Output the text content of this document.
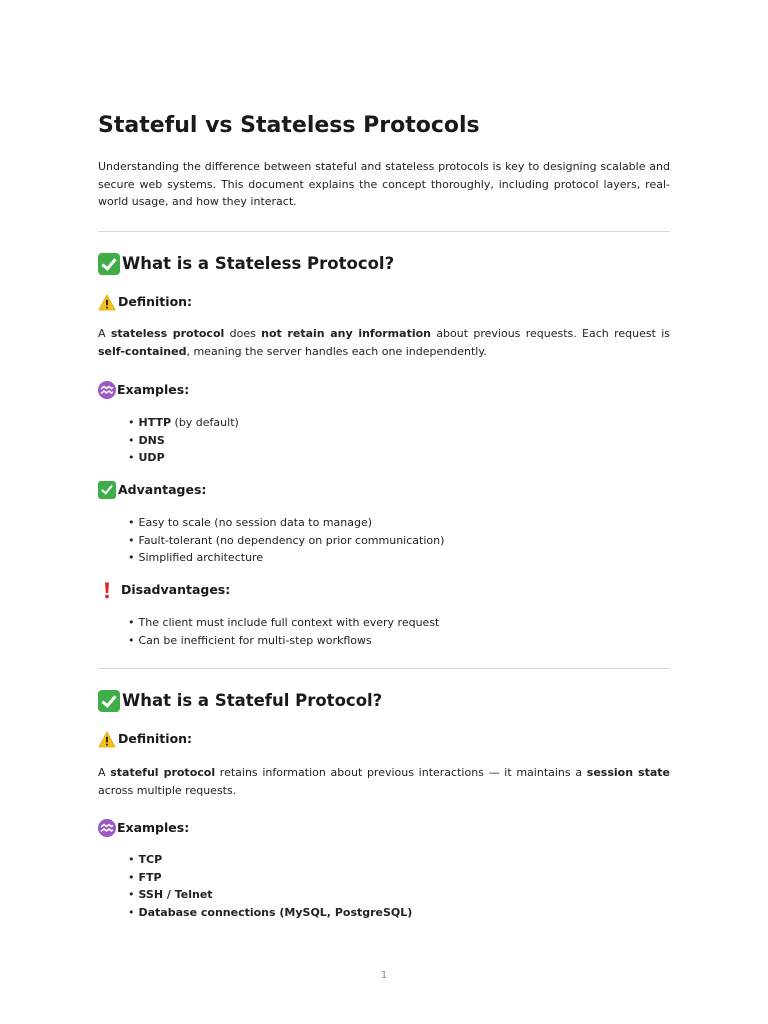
Stateful vs Stateless Protocols

Understanding the difference between stateful and stateless protocols is key to designing scalable and secure web systems. This document explains the concept thoroughly, including protocol layers, real-world usage, and how they interact.

What is a Stateless Protocol?
Definition:

A stateless protocol does not retain any information about previous requests. Each request is self-contained, meaning the server handles each one independently.

Examples:
• HTTP (by default)
• DNS
• UDP
Advantages:
• Easy to scale (no session data to manage)
• Fault-tolerant (no dependency on prior communication)
• Simplified architecture
Disadvantages:
• The client must include full context with every request
• Can be inefficient for multi-step workflows
What is a Stateful Protocol?
Definition:

A stateful protocol retains information about previous interactions — it maintains a session state across multiple requests.

Examples:
• TCP
• FTP
• SSH / Telnet
• Database connections (MySQL, PostgreSQL)
1
